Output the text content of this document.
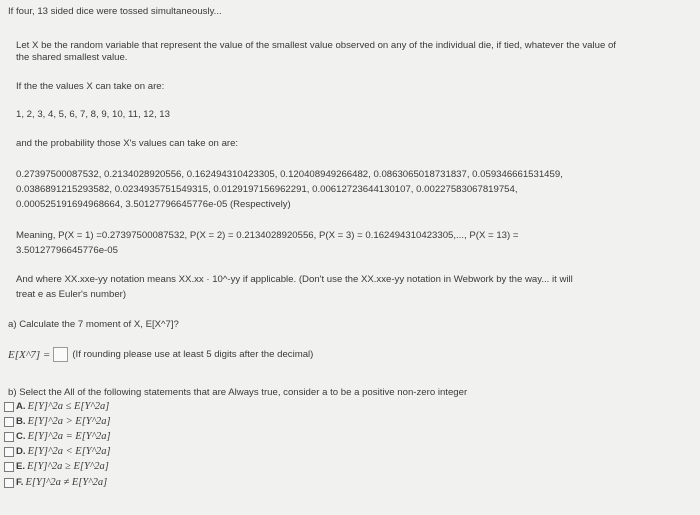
If four, 13 sided dice were tossed simultaneously...
Let X be the random variable that represent the value of the smallest value observed on any of the individual die, if tied, whatever the value of
the shared smallest value.
If the the values X can take on are:
1, 2, 3, 4, 5, 6, 7, 8, 9, 10, 11, 12, 13
and the probability those X's values can take on are:
0.27397500087532, 0.2134028920556, 0.162494310423305, 0.120408949266482, 0.0863065018731837, 0.059346661531459,
0.0386891215293582, 0.0234935751549315, 0.0129197156962291, 0.00612723644130107, 0.00227583067819754,
0.000525191694968664, 3.50127796645776e-05 (Respectively)
Meaning, P(X = 1) =0.27397500087532, P(X = 2) = 0.2134028920556, P(X = 3) = 0.162494310423305,..., P(X = 13) =
3.50127796645776e-05
And where XX.xxe-yy notation means XX.xx · 10^-yy if applicable. (Don't use the XX.xxe-yy notation in Webwork by the way... it will
treat e as Euler's number)
a) Calculate the 7 moment of X, E[X^7]?
E[X^7] = (If rounding please use at least 5 digits after the decimal)
b) Select the All of the following statements that are Always true, consider a to be a positive non-zero integer
A. E[Y]^2a ≤ E[Y^2a]
B. E[Y]^2a > E[Y^2a]
C. E[Y]^2a = E[Y^2a]
D. E[Y]^2a < E[Y^2a]
E. E[Y]^2a ≥ E[Y^2a]
F. E[Y]^2a ≠ E[Y^2a]
